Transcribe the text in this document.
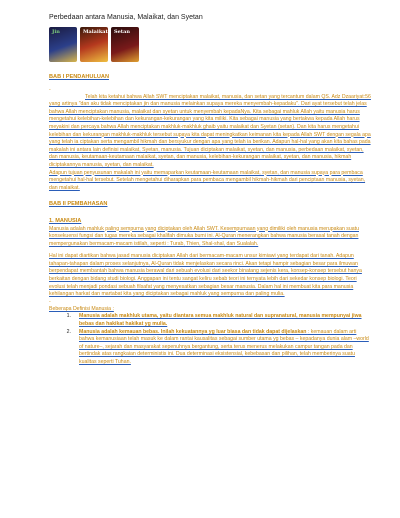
Perbedaan antara Manusia, Malaikat, dan Syetan
Jin	Malaikat Setan

BAB I PENDAHULUAN

-

Telah kita ketahui bahwa Allah SWT menciptakan malaikat, manusia, dan setan yang tercantum dalam QS. Adz Dzaariyat:56 yang artinya "dan aku tidak menciptakan jin dan manusia melainkan supaya mereka menyembah-kepadaku". Dari ayat tersebut telah jelas bahwa Allah menciptakan manusia, malaikat dan syetan untuk menyembah kepadaNya. Kita sebagai mahluk Allah yaitu manusia harus mengetahui kelebihan-kelebihan dan kekurangan-kekurangan yang kita miliki. Kita sebagai manusia yang bertakwa kepada Allah harus meyakini dan percaya bahwa Allah menciptakan makhluk-makhluk ghaib yaitu malaikat dan Syetan (setan). Dan kita harus mengetahui kelebihan dan kekurangan makhluk-makhluk tersebut supaya kita dapat meningkatkan keimanan kita kepada Allah SWT dengan segala apa yang telah ia ciptakan serta mengambil hikmah dan bersyukur dengan apa yang telah ia berikan. Adapun hal-hal yang akan kita bahas pada makalah ini antara lain definisi malaikat, Syetan, manusia. Tujuan diciptakan malaikat, syetan, dan manusia, perbedaan malaikat, syetan, dan manusia, keutamaan-keutamaan malaikat, syetan, dan manusia, kelebihan-kekurangan malaikat, syetan, dan manusia, hikmah diciptakannya manusia, syetan, dan malaikat.

Adapun tujuan penyusunan makalah ini yaitu memaparkan keutamaan-keutamaan malaikat, syetan, dan manusia supaya para pembaca mengetahui hal-hal tersebut. Setelah mengetahui diharapkan para pembaca mengambil hikmah-hikmah dari penciptaan manusia, syetan, dan malaikat.

BAB II PEMBAHASAN

1. MANUSIA

Manusia adalah mahluk paling sempurna yang diciptakan oleh Allah SWT. Kesempurnaan yang dimiliki oleh manusia merupakan suatu konsekuensi fungsi dan tugas mereka sebagai khalifah dimuka bumi ini. Al-Quran menerangkan bahwa manusia berasal tanah dengan mempergunakan bermacam-macam istilah, seperti : Turab, Thien, Shal-shal, dan Sualalah.

Hal ini dapat diartikan bahwa jasad manusia diciptakan Allah dari bermacam-macam unsur kimiawi yang terdapat dari tanah. Adapun tahapan-tahapan dalam proses selanjutnya, Al-Quran tidak menjelaskan secara rinci. Akan tetapi hampir sebagian besar para ilmuwan berpendapat membantah bahwa manusia berawal dari sebuah evolusi dari seekor binatang sejenis kera, konsep-konsep tersebut hanya berkaitan dengan bidang studi biologi. Anggapan ini tentu sangat keliru sebab teori ini ternyata lebih dari sekedar konsep biologi. Teori evolusi telah menjadi pondasi sebuah filsafat yang menyesatkan sebagian besar manusia. Dalam hal ini membuat kita para manusia kehilangan harkat dan martabat kita yang diciptakan sebagai mahluk yang sempurna dan paling mulia.

-

Beberapa Definisi Manusia :

1.	Manusia adalah makhluk utama, yaitu diantara semua makhluk natural dan supranatural, manusia mempunyai jiwa bebas dan hakikat hakikat yg mulia.
2.	Manusia adalah kemauan bebas. Inilah kekuatannya yg luar biasa dan tidak dapat dijelaskan : kemauan dalam arti bahwa kemanusiaan telah masuk ke dalam rantai kausalitas sebagai sumber utama yg bebas – kepadanya dunia alam –world of nature–, sejarah dan masyarakat sepenuhnya bergantung, serta terus menerus melakukan campur tangan pada dan bertindak atas rangkaian deterministis ini. Dua determinasi eksistensial, kebebasan dan pilihan, telah memberinya suatu kualitas seperti Tuhan.
